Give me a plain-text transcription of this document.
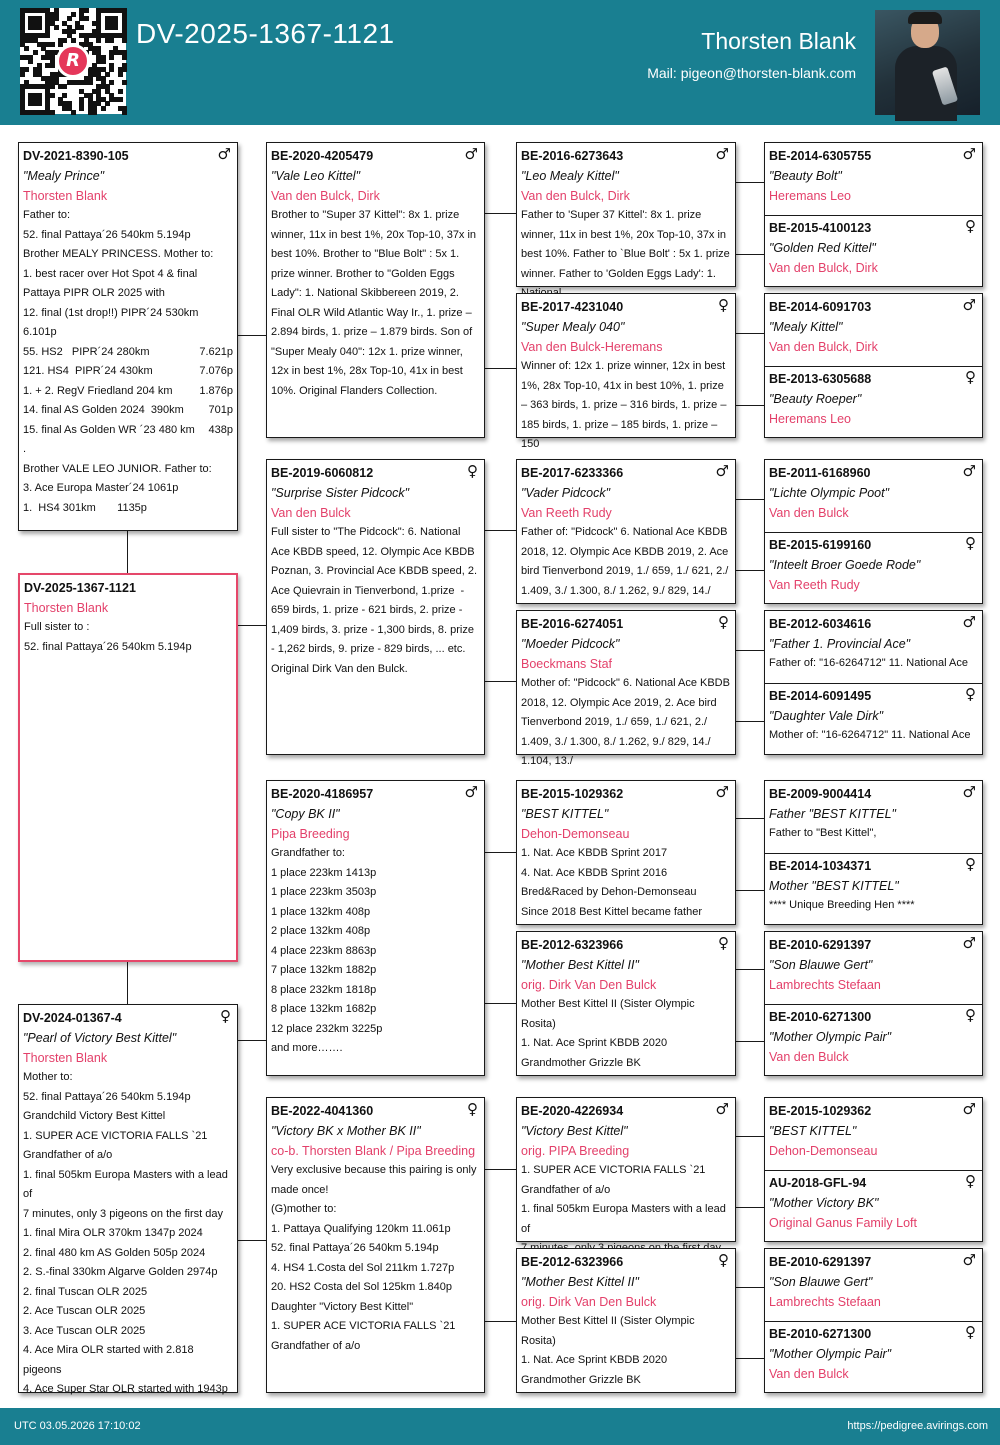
R
DV-2025-1367-1121	Thorsten Blank
Mail: pigeon@thorsten-blank.com
DV-2021-8390-105	♂
"Mealy Prince"
Thorsten Blank
Father to:
52. final Pattaya´26 540km 5.194p
Brother MEALY PRINCESS. Mother to:
1. best racer over Hot Spot 4 & final
Pattaya PIPR OLR 2025 with
12. final (1st drop!!) PIPR´24 530km 6.101p
55. HS2   PIPR´24 280km	7.621p
121. HS4  PIPR´24 430km	7.076p
1. + 2. RegV Friedland 204 km 1.876p
14. final AS Golden 2024  390km 701p
15. final As Golden WR ´23 480 km 438p
.
Brother VALE LEO JUNIOR. Father to:
3. Ace Europa Master´24 1061p
1.  HS4 301km       1135p
DV-2025-1367-1121
Thorsten Blank
Full sister to :
52. final Pattaya´26 540km 5.194p
DV-2024-01367-4	♀
"Pearl of Victory Best Kittel"
Thorsten Blank
Mother to:
52. final Pattaya´26 540km 5.194p
Grandchild Victory Best Kittel
1. SUPER ACE VICTORIA FALLS `21
Grandfather of a/o
1. final 505km Europa Masters with a lead of
7 minutes, only 3 pigeons on the first day
1. final Mira OLR 370km 1347p 2024
2. final 480 km AS Golden 505p 2024
2. S.-final 330km Algarve Golden 2974p
2. final Tuscan OLR 2025
2. Ace Tuscan OLR 2025
3. Ace Tuscan OLR 2025
4. Ace Mira OLR started with 2.818 pigeons
4. Ace Super Star OLR started with 1943p
BE-2020-4205479	♂
"Vale Leo Kittel"
Van den Bulck, Dirk
Brother to "Super 37 Kittel": 8x 1. prize winner, 11x in best 1%, 20x Top-10, 37x in best 10%. Brother to "Blue Bolt" : 5x 1. prize winner. Brother to "Golden Eggs Lady": 1. National Skibbereen 2019, 2. Final OLR Wild Atlantic Way Ir., 1. prize – 2.894 birds, 1. prize – 1.879 birds. Son of "Super Mealy 040": 12x 1. prize winner, 12x in best 1%, 28x Top-10, 41x in best 10%. Original Flanders Collection.
BE-2019-6060812	♀
"Surprise Sister Pidcock"
Van den Bulck
Full sister to "The Pidcock": 6. National Ace KBDB speed, 12. Olympic Ace KBDB Poznan, 3. Provincial Ace KBDB speed, 2. Ace Quievrain in Tienverbond, 1.prize  - 659 birds, 1. prize - 621 birds, 2. prize - 1,409 birds, 3. prize - 1,300 birds, 8. prize - 1,262 birds, 9. prize - 829 birds, ... etc. Original Dirk Van den Bulck.
BE-2020-4186957	♂
"Copy BK II"
Pipa Breeding
Grandfather to:
1 place 223km 1413p
1 place 223km 3503p
1 place 132km 408p
2 place 132km 408p
4 place 223km 8863p
7 place 132km 1882p
8 place 232km 1818p
8 place 132km 1682p
12 place 232km 3225p
and more…….
BE-2022-4041360	♀
"Victory BK x Mother BK II"
co-b. Thorsten Blank / Pipa Breeding
Very exclusive because this pairing is only
made once!
(G)mother to:
1. Pattaya Qualifying 120km 11.061p
52. final Pattaya´26 540km 5.194p
4. HS4 1.Costa del Sol 211km 1.727p
20. HS2 Costa del Sol 125km 1.840p
Daughter "Victory Best Kittel"
1. SUPER ACE VICTORIA FALLS `21
Grandfather of a/o
BE-2016-6273643	♂
"Leo Mealy Kittel"
Van den Bulck, Dirk
Father to 'Super 37 Kittel': 8x 1. prize winner, 11x in best 1%, 20x Top-10, 37x in best 10%. Father to `Blue Bolt' : 5x 1. prize winner. Father to 'Golden Eggs Lady': 1.
BE-2017-4231040	♀
"Super Mealy 040"
Van den Bulck-Heremans
Winner of: 12x 1. prize winner, 12x in best 1%, 28x Top-10, 41x in best 10%, 1. prize – 363 birds, 1. prize – 316 birds, 1. prize – 185 birds, 1. prize – 185 birds, 1. prize – 150
BE-2017-6233366	♂
"Vader Pidcock"
Van Reeth Rudy
Father of: "Pidcock" 6. National Ace KBDB 2018, 12. Olympic Ace KBDB 2019, 2. Ace bird Tienverbond 2019, 1./ 659, 1./ 621, 2./ 1.409, 3./ 1.300, 8./ 1.262, 9./ 829, 14./
BE-2016-6274051	♀
"Moeder Pidcock"
Boeckmans Staf
Mother of: "Pidcock" 6. National Ace KBDB 2018, 12. Olympic Ace 2019, 2. Ace bird Tienverbond 2019, 1./ 659, 1./ 621, 2./ 1.409, 3./ 1.300, 8./ 1.262, 9./ 829, 14./ 1.104, 13./
BE-2015-1029362	♂
"BEST KITTEL"
Dehon-Demonseau
1. Nat. Ace KBDB Sprint 2017
4. Nat. Ace KBDB Sprint 2016
Bred&Raced by Dehon-Demonseau
Since 2018 Best Kittel became father
BE-2012-6323966	♀
"Mother Best Kittel II"
orig. Dirk Van Den Bulck
Mother Best Kittel II (Sister Olympic Rosita)
1. Nat. Ace Sprint KBDB 2020
Grandmother Grizzle BK
BE-2020-4226934	♂
"Victory Best Kittel"
orig. PIPA Breeding
1. SUPER ACE VICTORIA FALLS `21
Grandfather of a/o
1. final 505km Europa Masters with a lead of
BE-2012-6323966	♀
"Mother Best Kittel II"
orig. Dirk Van Den Bulck
Mother Best Kittel II (Sister Olympic Rosita)
1. Nat. Ace Sprint KBDB 2020
Grandmother Grizzle BK
BE-2014-6305755	♂
"Beauty Bolt"
Heremans Leo
BE-2015-4100123	♀
"Golden Red Kittel"
Van den Bulck, Dirk
BE-2014-6091703	♂
"Mealy Kittel"
Van den Bulck, Dirk
BE-2013-6305688	♀
"Beauty Roeper"
Heremans Leo
BE-2011-6168960	♂
"Lichte Olympic Poot"
Van den Bulck
BE-2015-6199160	♀
"Inteelt Broer Goede Rode"
Van Reeth Rudy
BE-2012-6034616	♂
"Father 1. Provincial Ace"
Father of: "16-6264712" 11. National Ace
BE-2014-6091495	♀
"Daughter Vale Dirk"
Mother of: "16-6264712" 11. National Ace
BE-2009-9004414	♂
Father "BEST KITTEL"
Father to "Best Kittel",
BE-2014-1034371	♀
Mother "BEST KITTEL"
**** Unique Breeding Hen ****
BE-2010-6291397	♂
"Son Blauwe Gert"
Lambrechts Stefaan
BE-2010-6271300	♀
"Mother Olympic Pair"
Van den Bulck
BE-2015-1029362	♂
"BEST KITTEL"
Dehon-Demonseau
AU-2018-GFL-94	♀
"Mother Victory BK"
Original Ganus Family Loft
BE-2010-6291397	♂
"Son Blauwe Gert"
Lambrechts Stefaan
BE-2010-6271300	♀
"Mother Olympic Pair"
Van den Bulck
UTC 03.05.2026 17:10:02	https://pedigree.avirings.com
